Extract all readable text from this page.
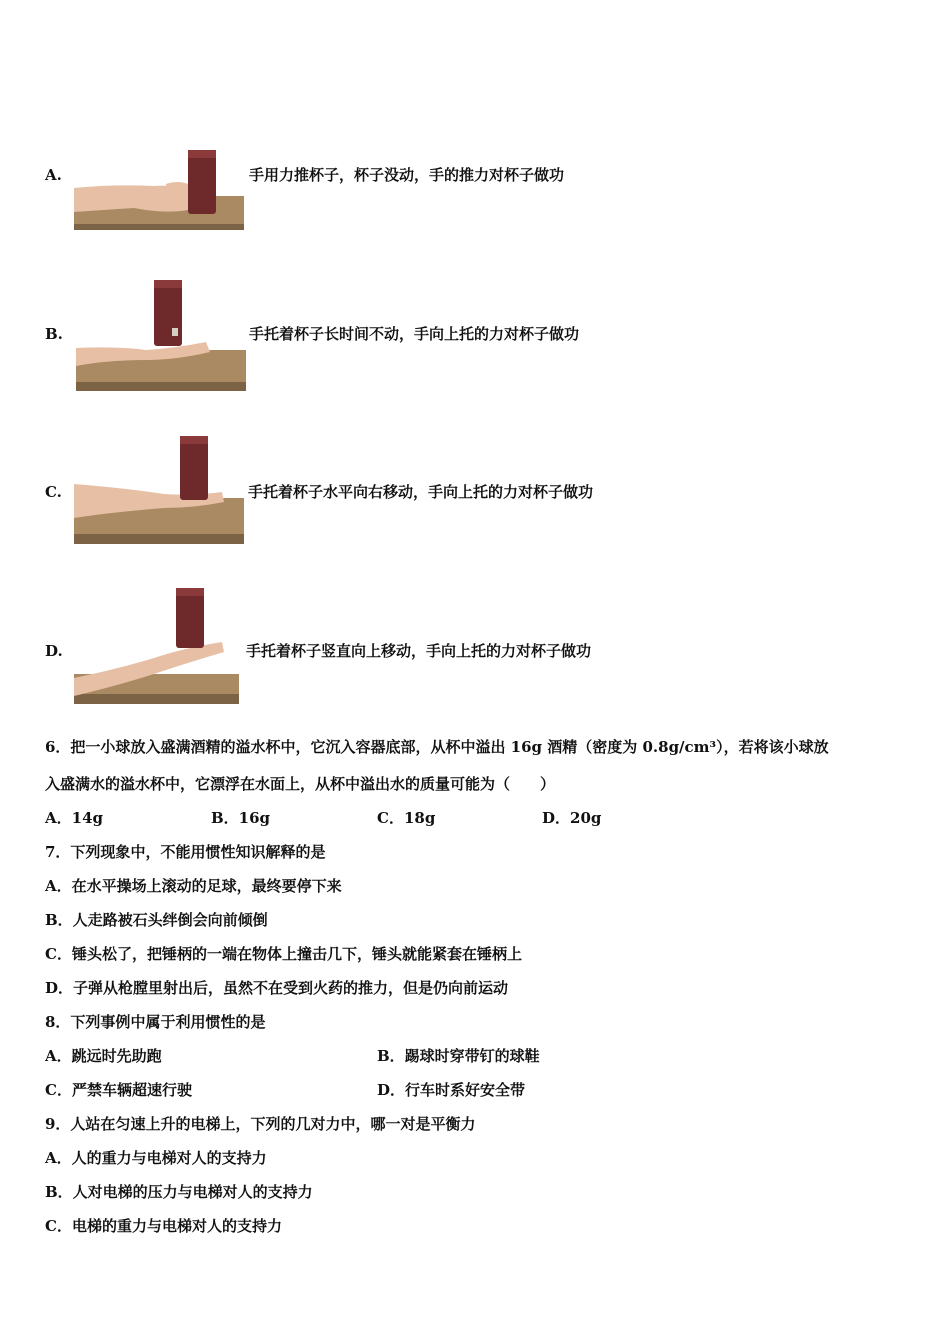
A.	手用力推杯子，杯子没动，手的推力对杯子做功
B.	手托着杯子长时间不动，手向上托的力对杯子做功
C.	手托着杯子水平向右移动，手向上托的力对杯子做功
D.	手托着杯子竖直向上移动，手向上托的力对杯子做功
6．把一小球放入盛满酒精的溢水杯中，它沉入容器底部，从杯中溢出 16g 酒精（密度为 0.8g/cm³），若将该小球放
入盛满水的溢水杯中，它漂浮在水面上，从杯中溢出水的质量可能为（　　）
A．14g	B．16g	C．18g	D．20g
7．下列现象中，不能用惯性知识解释的是
A．在水平操场上滚动的足球，最终要停下来
B．人走路被石头绊倒会向前倾倒
C．锤头松了，把锤柄的一端在物体上撞击几下，锤头就能紧套在锤柄上
D．子弹从枪膛里射出后，虽然不在受到火药的推力，但是仍向前运动
8．下列事例中属于利用惯性的是
A．跳远时先助跑	B．踢球时穿带钉的球鞋
C．严禁车辆超速行驶	D．行车时系好安全带
9．人站在匀速上升的电梯上，下列的几对力中，哪一对是平衡力
A．人的重力与电梯对人的支持力
B．人对电梯的压力与电梯对人的支持力
C．电梯的重力与电梯对人的支持力
